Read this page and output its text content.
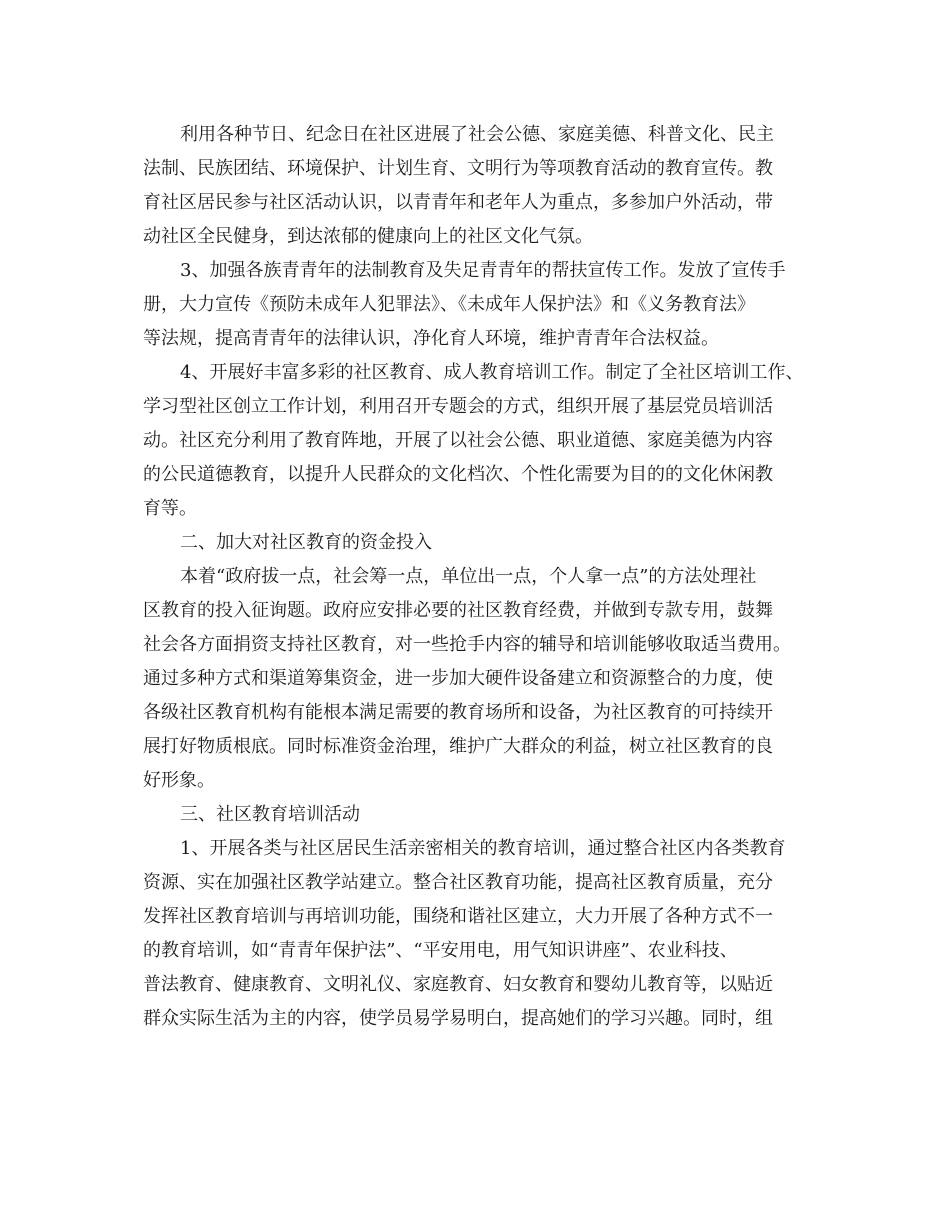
利用各种节日、纪念日在社区进展了社会公德、家庭美德、科普文化、民主
法制、民族团结、环境保护、计划生育、文明行为等项教育活动的教育宣传。教
育社区居民参与社区活动认识，以青青年和老年人为重点，多参加户外活动，带
动社区全民健身，到达浓郁的健康向上的社区文化气氛。
3、加强各族青青年的法制教育及失足青青年的帮扶宣传工作。发放了宣传手
册，大力宣传《预防未成年人犯罪法》、《未成年人保护法》和《义务教育法》
等法规，提高青青年的法律认识，净化育人环境，维护青青年合法权益。
4、开展好丰富多彩的社区教育、成人教育培训工作。制定了全社区培训工作、
学习型社区创立工作计划，利用召开专题会的方式，组织开展了基层党员培训活
动。社区充分利用了教育阵地，开展了以社会公德、职业道德、家庭美德为内容
的公民道德教育，以提升人民群众的文化档次、个性化需要为目的的文化休闲教
育等。
二、加大对社区教育的资金投入
本着“政府拔一点，社会筹一点，单位出一点，个人拿一点”的方法处理社
区教育的投入征询题。政府应安排必要的社区教育经费，并做到专款专用，鼓舞
社会各方面捐资支持社区教育，对一些抢手内容的辅导和培训能够收取适当费用。
通过多种方式和渠道筹集资金，进一步加大硬件设备建立和资源整合的力度，使
各级社区教育机构有能根本满足需要的教育场所和设备，为社区教育的可持续开
展打好物质根底。同时标准资金治理，维护广大群众的利益，树立社区教育的良
好形象。
三、社区教育培训活动
1、开展各类与社区居民生活亲密相关的教育培训，通过整合社区内各类教育
资源、实在加强社区教学站建立。整合社区教育功能，提高社区教育质量，充分
发挥社区教育培训与再培训功能，围绕和谐社区建立，大力开展了各种方式不一
的教育培训，如“青青年保护法”、“平安用电，用气知识讲座”、农业科技、
普法教育、健康教育、文明礼仪、家庭教育、妇女教育和婴幼儿教育等，以贴近
群众实际生活为主的内容，使学员易学易明白，提高她们的学习兴趣。同时，组
